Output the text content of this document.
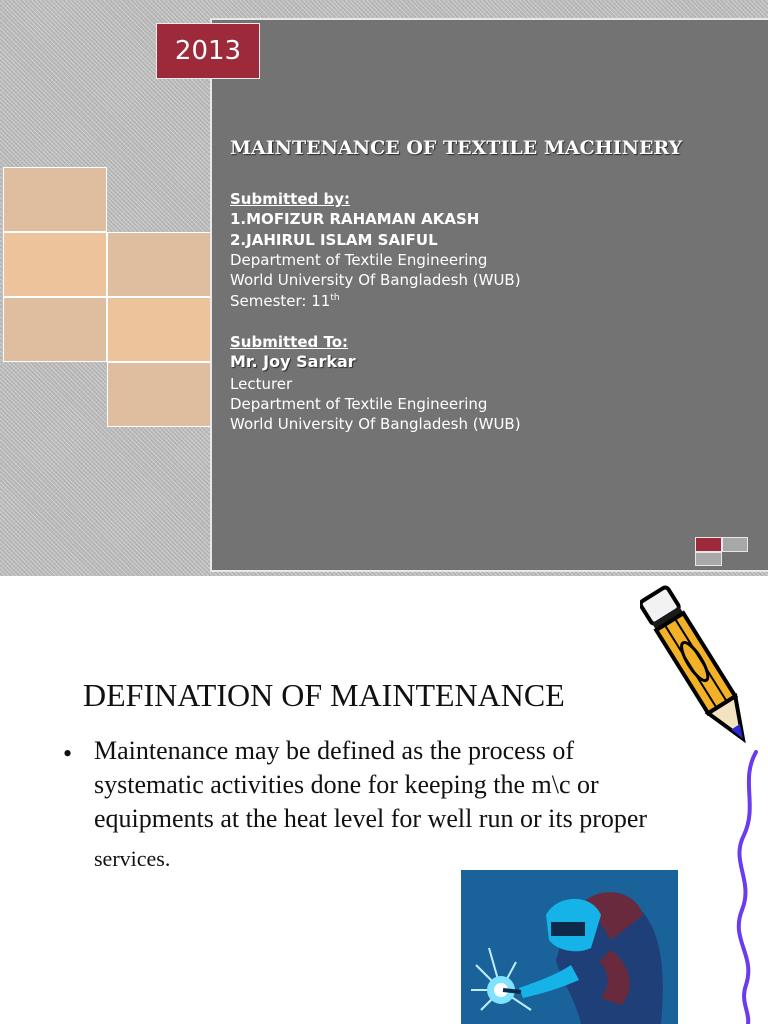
2013
MAINTENANCE OF TEXTILE MACHINERY
Submitted by:
1.MOFIZUR RAHAMAN AKASH
2.JAHIRUL ISLAM SAIFUL
Department of Textile Engineering
World University Of Bangladesh (WUB)
Semester: 11th
Submitted To:
Mr. Joy Sarkar
Lecturer
Department of Textile Engineering
World University Of Bangladesh (WUB)
DEFINATION OF MAINTENANCE
• Maintenance may be defined as the process of
systematic activities done for keeping the m\c or
equipments at the heat level for well run or its proper
services.
